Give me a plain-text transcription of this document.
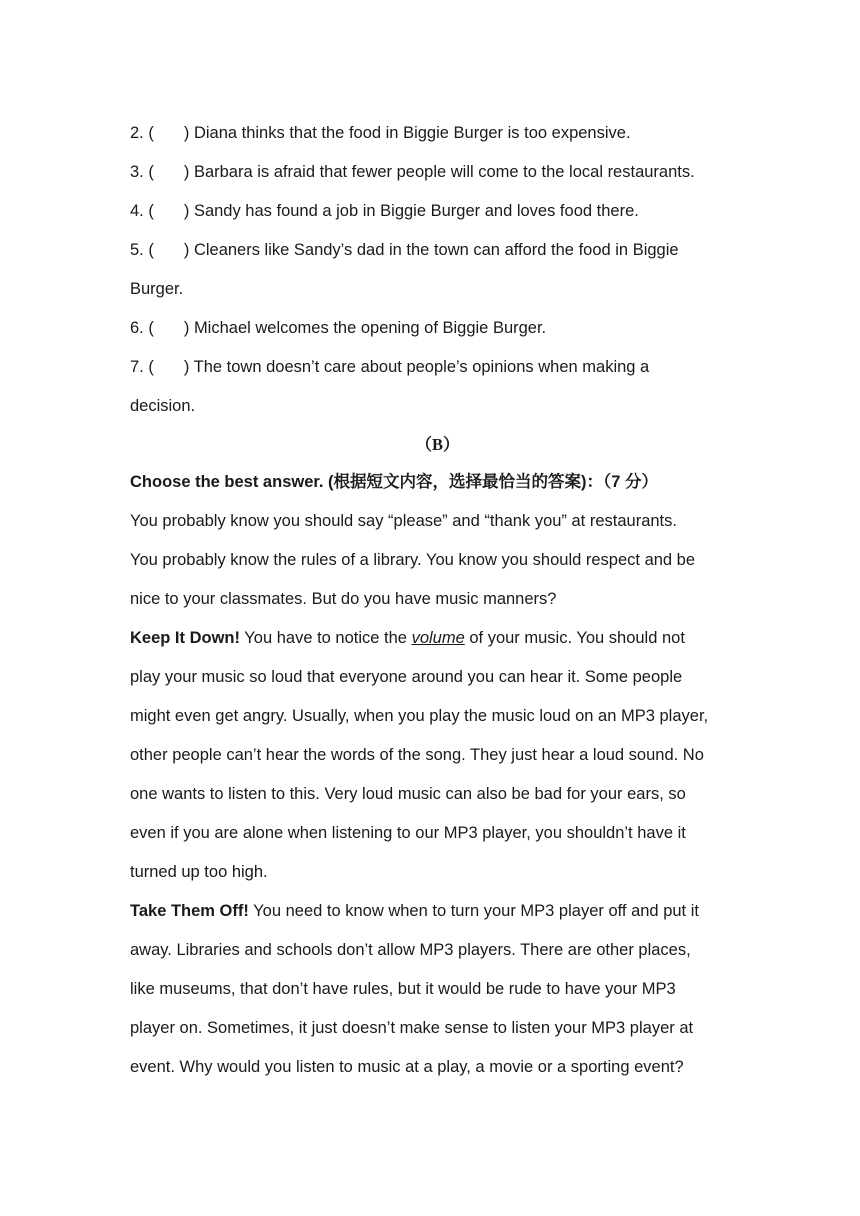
2. ( ) Diana thinks that the food in Biggie Burger is too expensive.
3. ( ) Barbara is afraid that fewer people will come to the local restaurants.
4. ( ) Sandy has found a job in Biggie Burger and loves food there.
5. ( ) Cleaners like Sandy’s dad in the town can afford the food in Biggie
Burger.
6. ( ) Michael welcomes the opening of Biggie Burger.
7. ( ) The town doesn’t care about people’s opinions when making a
decision.
（B）
Choose the best answer. (根据短文内容，选择最恰当的答案)：（7 分）
You probably know you should say “please” and “thank you” at restaurants.
You probably know the rules of a library. You know you should respect and be
nice to your classmates. But do you have music manners?
Keep It Down! You have to notice the volume of your music. You should not
play your music so loud that everyone around you can hear it. Some people
might even get angry. Usually, when you play the music loud on an MP3 player,
other people can’t hear the words of the song. They just hear a loud sound. No
one wants to listen to this. Very loud music can also be bad for your ears, so
even if you are alone when listening to our MP3 player, you shouldn’t have it
turned up too high.
Take Them Off! You need to know when to turn your MP3 player off and put it
away. Libraries and schools don’t allow MP3 players. There are other places,
like museums, that don’t have rules, but it would be rude to have your MP3
player on. Sometimes, it just doesn’t make sense to listen your MP3 player at
event. Why would you listen to music at a play, a movie or a sporting event?
